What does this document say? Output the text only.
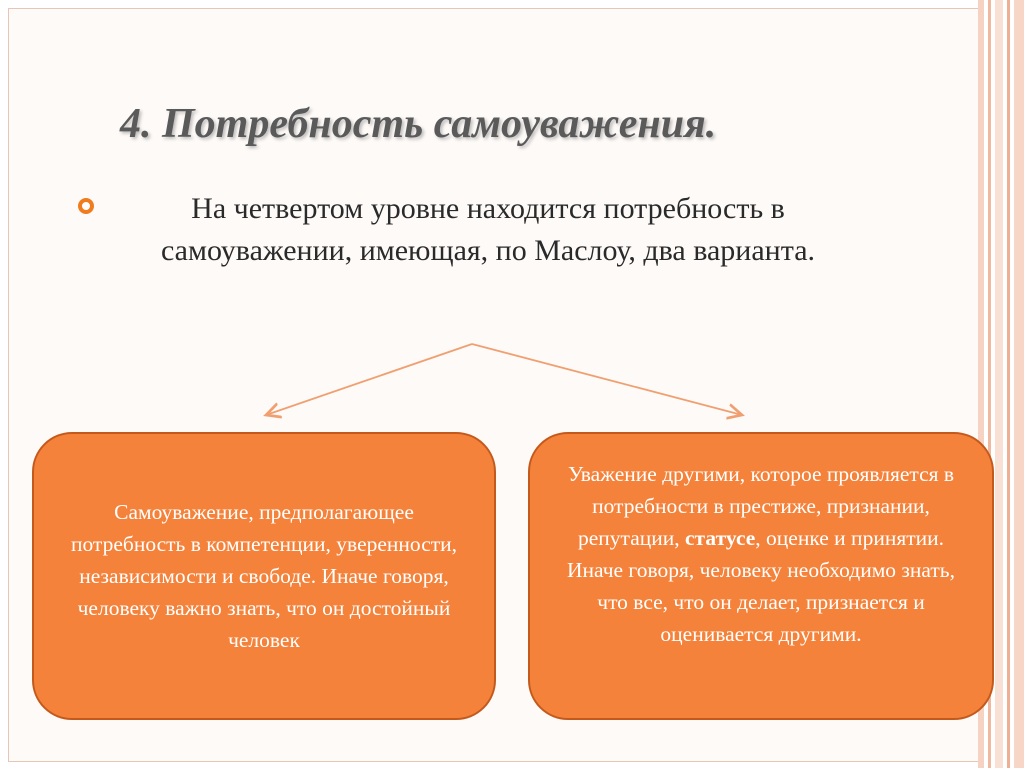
4. Потребность самоуважения.
На четвертом уровне находится потребность в самоуважении, имеющая, по Маслоу, два варианта.
Самоуважение, предполагающее потребность в компетенции, уверенности, независимости и свободе. Иначе говоря, человеку важно знать, что он достойный человек
Уважение другими, которое проявляется в потребности в престиже, признании, репутации, статусе, оценке и принятии. Иначе говоря, человеку необходимо знать, что все, что он делает, признается и оценивается другими.
